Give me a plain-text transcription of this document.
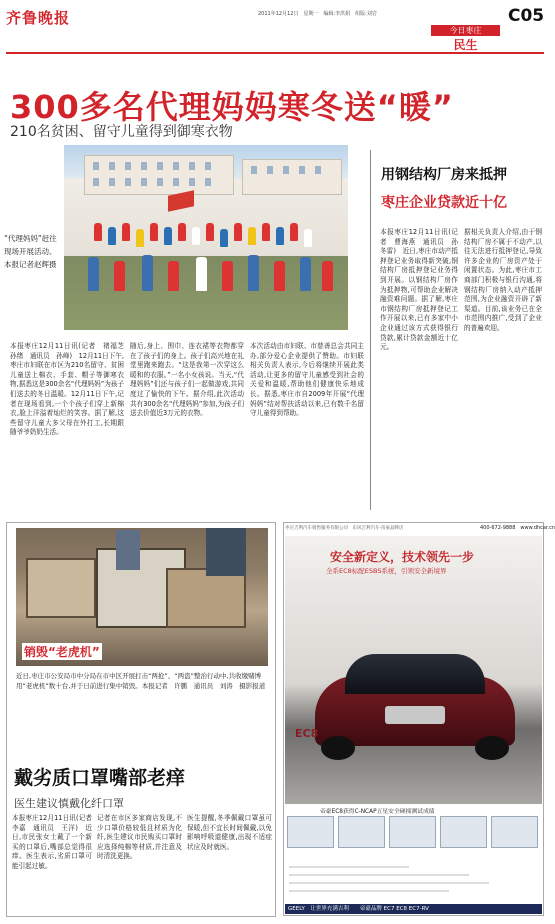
齐鲁晚报	2011年12月12日　星期一　编辑:李洪娟　组版:刘岩	C05
今日枣庄
民生
300多名代理妈妈寒冬送“暖”
210名贫困、留守儿童得到御寒衣物
“代理妈妈”赶往现场开展活动。本报记者赵辉摄
本报枣庄12月11日讯(记者　褚福芝　孙绪　通讯员　孙峰)　12月11日下午,枣庄市妇联在市区为210名留守、贫困儿童送上棉衣、手套、帽子等御寒衣物,据悉这是300余名“代理妈妈”为孩子们送去的冬日温暖。12月11日下午,记者在现场看到,一个个孩子们穿上新棉衣,脸上洋溢着灿烂的笑容。据了解,这些留守儿童大多父母在外打工,长期跟随爷爷奶奶生活。
随后,身上、围巾、连衣裙等衣物都穿在了孩子们的身上。孩子们高兴地在礼堂里跑来跑去。“这是我第一次穿这么暖和的衣服。”一名小女孩说。当天,“代理妈妈”们还与孩子们一起做游戏,共同度过了愉快的下午。据介绍,此次活动共有300余名“代理妈妈”参加,为孩子们送去价值近3万元的衣物。
本次活动由市妇联、市慈善总会共同主办,部分爱心企业提供了赞助。市妇联相关负责人表示,今后将继续开展此类活动,让更多的留守儿童感受到社会的关爱和温暖,帮助他们健康快乐地成长。据悉,枣庄市自2009年开展“代理妈妈”结对帮扶活动以来,已有数千名留守儿童得到帮助。
用钢结构厂房来抵押
枣庄企业贷款近十亿
本报枣庄12月11日讯(记者　曹海燕　通讯员　孙冬雷)　近日,枣庄市动产抵押登记业务取得新突破,钢结构厂房抵押登记业务得到开展。以钢结构厂房作为抵押物,可帮助企业解决融资难问题。据了解,枣庄市钢结构厂房抵押登记工作开展以来,已有多家中小企业通过该方式获得银行贷款,累计贷款金额近十亿元。
据相关负责人介绍,由于钢结构厂房不属于不动产,以往无法进行抵押登记,导致许多企业的厂房资产处于闲置状态。为此,枣庄市工商部门积极与银行沟通,将钢结构厂房纳入动产抵押范围,为企业融资开辟了新渠道。目前,该业务已在全市范围内推广,受到了企业的普遍欢迎。
销毁“老虎机”
近日,枣庄市公安局市中分局在市中区开展打击“两抢”、“两盗”整治行动中,共收缴赌博用“老虎机”数十台,并于日前进行集中销毁。本报记者　许鹏　通讯员　刘涛　摄影报道
戴劣质口罩嘴部老痒
医生建议慎戴化纤口罩
本报枣庄12月11日讯(记者　李嘉　通讯员　王洋)　近日,市民张女士戴了一个新买的口罩后,嘴部总觉得很痒。医生表示,劣质口罩可能引起过敏。
记者在市区多家商店发现,不少口罩价格较低且材质为化纤,医生建议市民购买口罩时应选择纯棉等材质,并注意及时清洗更换。
医生提醒,冬季佩戴口罩虽可保暖,但不宜长时间佩戴,以免影响呼吸道健康,出现不适症状应及时就医。
枣庄吉利汽车销售服务有限公司　东风吉利汽车·帝豪品牌店	400-672-9888　www.dhcar.cn
安全新定义，技术领先一步
全系EC8标配ESBS系统，引领安全新境界
EC8
帝豪EC8获得C-NCAP五星安全碰撞测试成绩
GEELY　让世界充满吉利　　帝豪品牌 EC7 EC8 EC7-RV
